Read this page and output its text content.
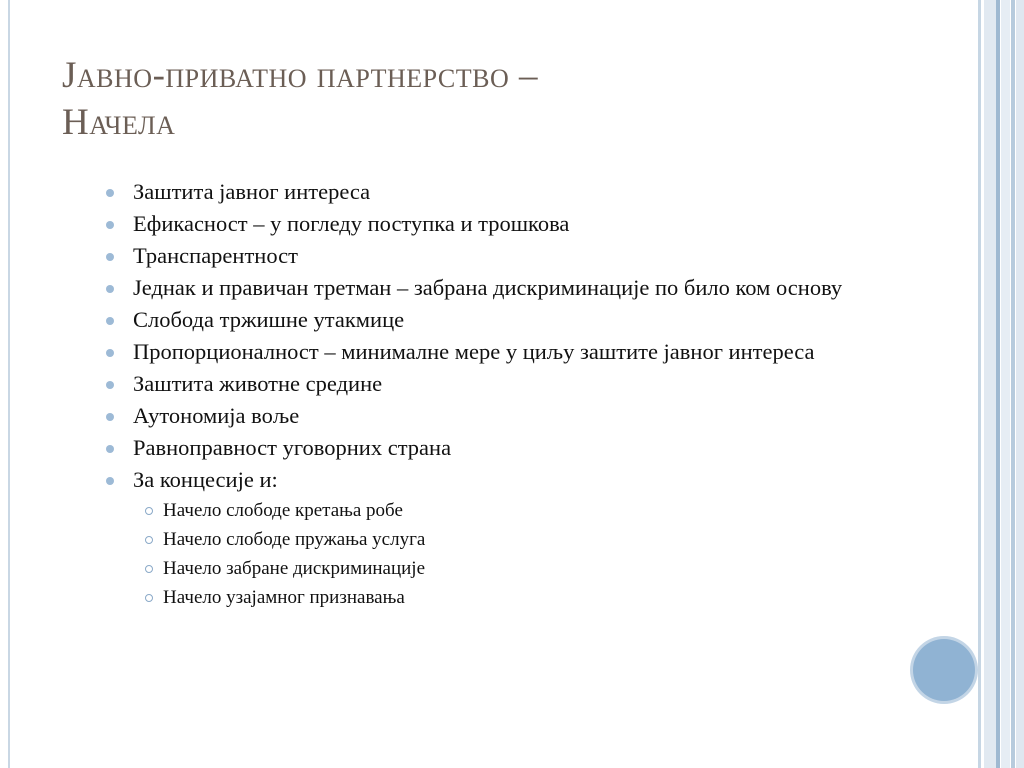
Јавно-приватно партнерство –
Начела
Заштита јавног интереса
Ефикасност – у погледу поступка и трошкова
Транспарентност
Једнак и правичан третман – забрана дискриминације по било ком основу
Слобода тржишне утакмице
Пропорционалност – минималне мере у циљу заштите јавног интереса
Заштита животне средине
Аутономија воље
Равноправност уговорних страна
За концесије и:
Начело слободе кретања робе
Начело слободе пружања услуга
Начело забране дискриминације
Начело узајамног признавања
